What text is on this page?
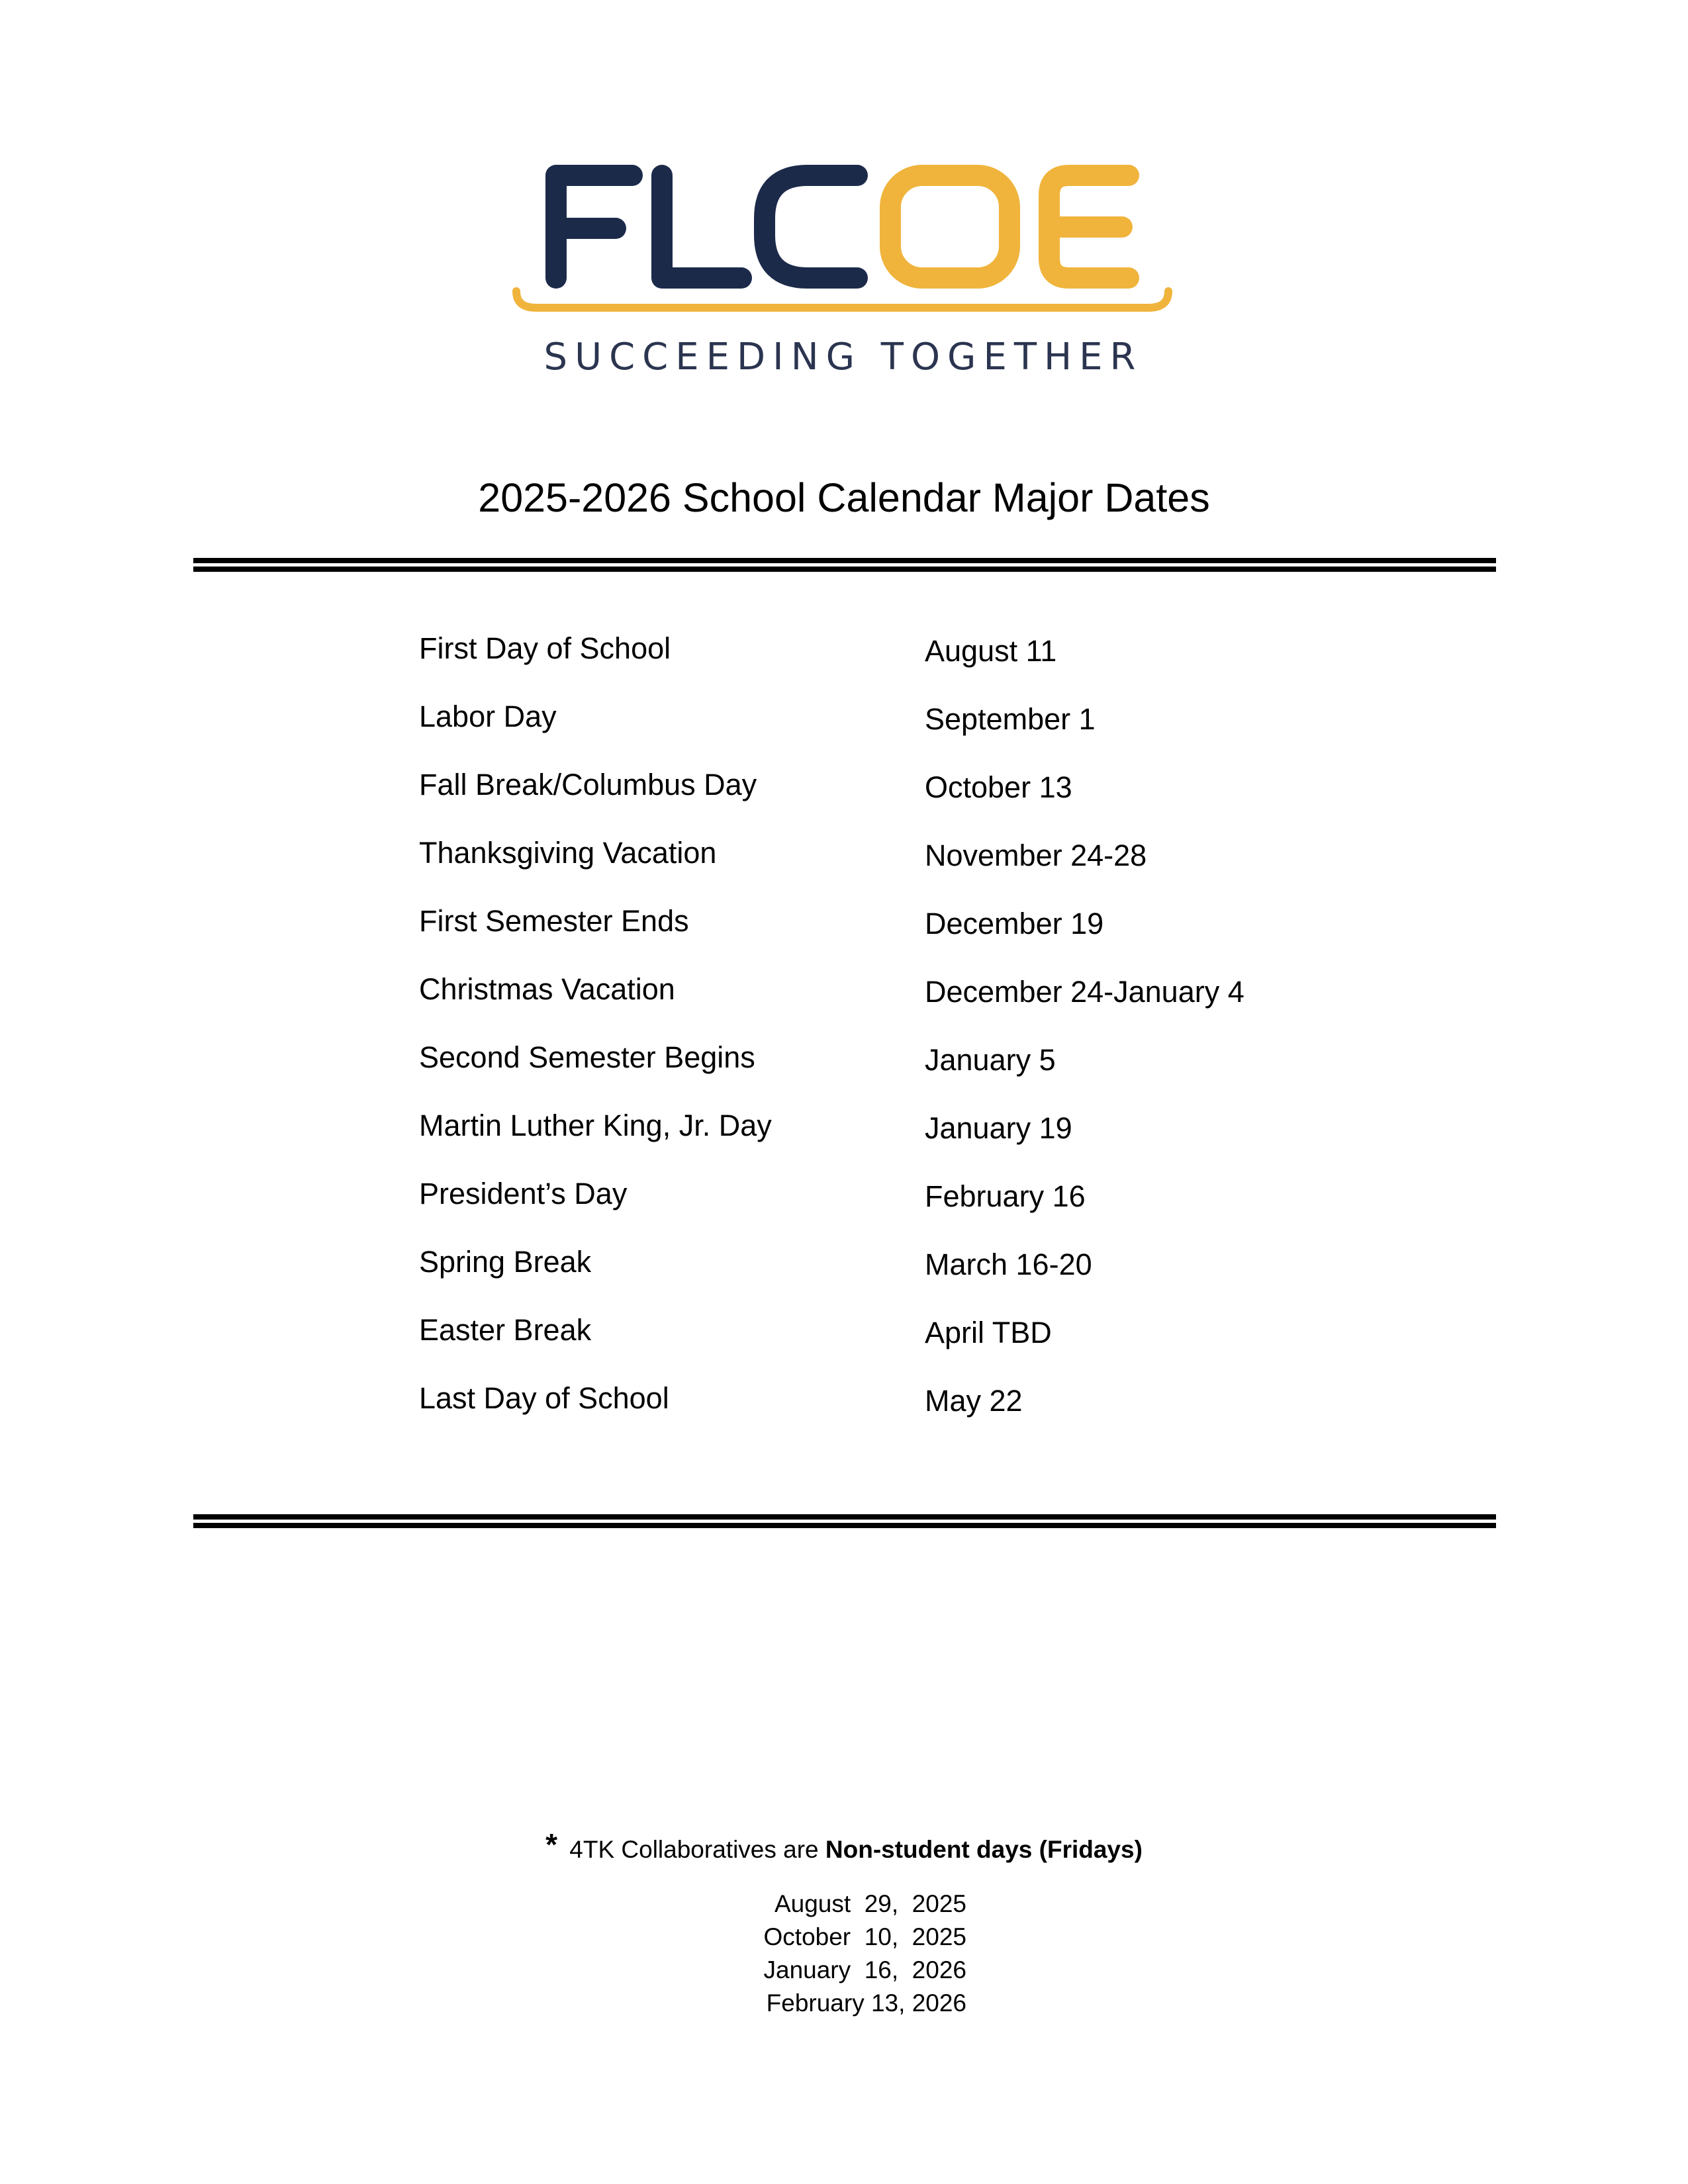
SUCCEEDING TOGETHER
2025-2026 School Calendar Major Dates
First Day of School	August 11
Labor Day	September 1
Fall Break/Columbus Day	October 13
Thanksgiving Vacation	November 24-28
First Semester Ends	December 19
Christmas Vacation	December 24-January 4
Second Semester Begins	January 5
Martin Luther King, Jr. Day	January 19
President’s Day	February 16
Spring Break	March 16-20
Easter Break	April TBD
Last Day of School	May 22
* 4TK Collaboratives are Non-student days (Fridays)
August  29,  2025
October  10,  2025
January  16,  2026
February 13, 2026
